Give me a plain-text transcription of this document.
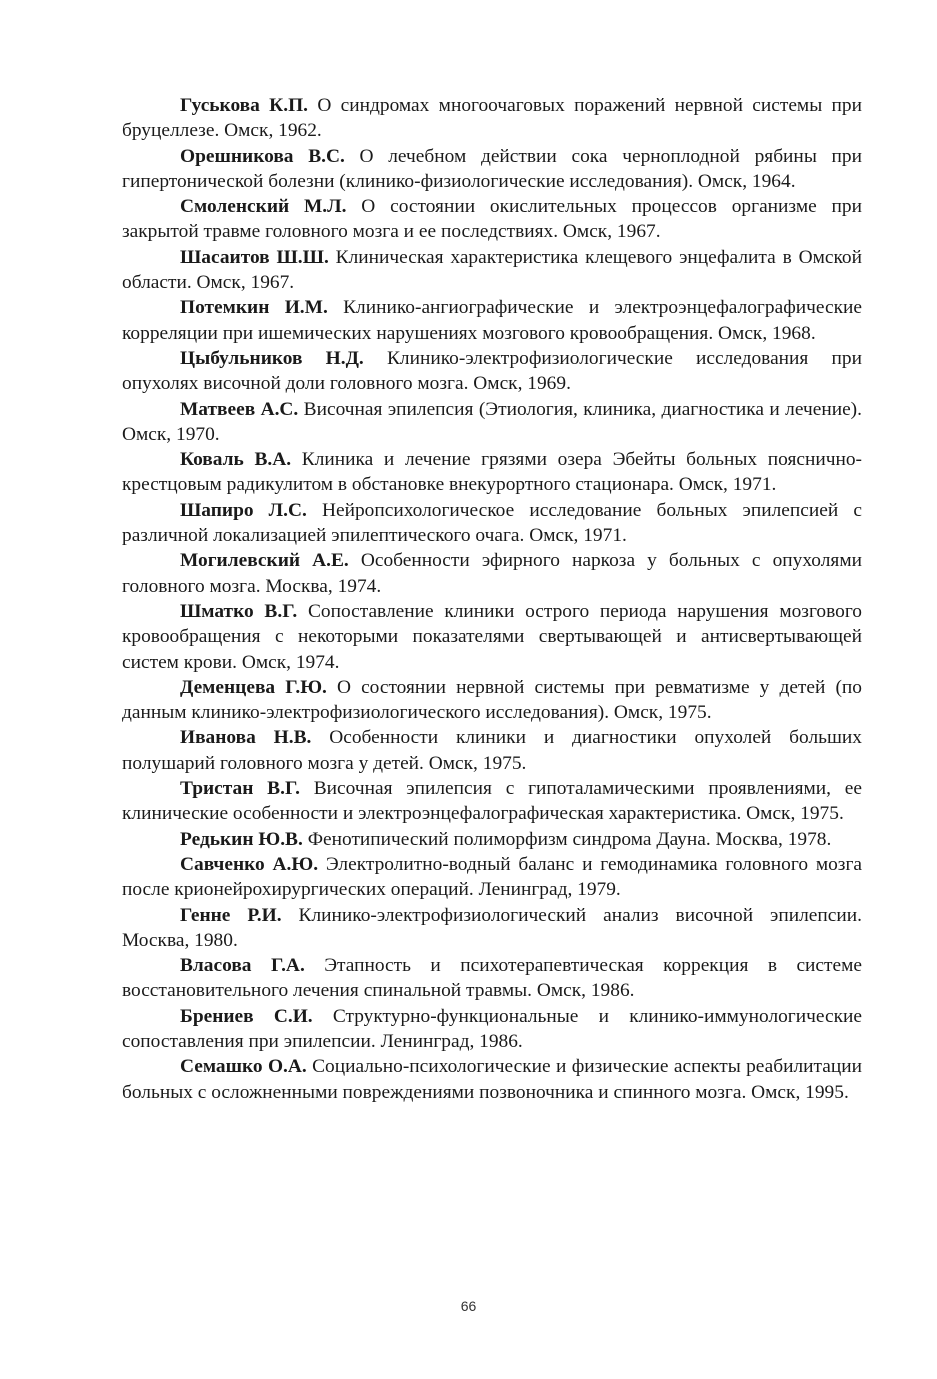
Гуськова К.П. О синдромах многоочаговых поражений нервной системы при бруцеллезе. Омск, 1962.

Орешникова В.С. О лечебном действии сока черноплодной рябины при гипертонической болезни (клинико-физиологические исследования). Омск, 1964.

Смоленский М.Л. О состоянии окислительных процессов организме при закрытой травме головного мозга и ее последствиях. Омск, 1967.

Шасаитов Ш.Ш. Клиническая характеристика клещевого энцефалита в Омской области. Омск, 1967.

Потемкин И.М. Клинико-ангиографические и электроэнцефалографические корреляции при ишемических нарушениях мозгового кровообращения. Омск, 1968.

Цыбульников Н.Д. Клинико-электрофизиологические исследования при опухолях височной доли головного мозга. Омск, 1969.

Матвеев А.С. Височная эпилепсия (Этиология, клиника, диагностика и лечение). Омск, 1970.

Коваль В.А. Клиника и лечение грязями озера Эбейты больных пояснично-крестцовым радикулитом в обстановке внекурортного стационара. Омск, 1971.

Шапиро Л.С. Нейропсихологическое исследование больных эпилепсией с различной локализацией эпилептического очага. Омск, 1971.

Могилевский А.Е. Особенности эфирного наркоза у больных с опухолями головного мозга. Москва, 1974.

Шматко В.Г. Сопоставление клиники острого периода нарушения мозгового кровообращения с некоторыми показателями свертывающей и антисвертывающей систем крови. Омск, 1974.

Деменцева Г.Ю. О состоянии нервной системы при ревматизме у детей (по данным клинико-электрофизиологического исследования). Омск, 1975.

Иванова Н.В. Особенности клиники и диагностики опухолей больших полушарий головного мозга у детей. Омск, 1975.

Тристан В.Г. Височная эпилепсия с гипоталамическими проявлениями, ее клинические особенности и электроэнцефалографическая характеристика. Омск, 1975.

Редькин Ю.В. Фенотипический полиморфизм синдрома Дауна. Москва, 1978.

Савченко А.Ю. Электролитно-водный баланс и гемодинамика головного мозга после крионейрохирургических операций. Ленинград, 1979.

Генне Р.И. Клинико-электрофизиологический анализ височной эпилепсии. Москва, 1980.

Власова Г.А. Этапность и психотерапевтическая коррекция в системе восстановительного лечения спинальной травмы. Омск, 1986.

Брениев С.И. Структурно-функциональные и клинико-иммунологические сопоставления при эпилепсии. Ленинград, 1986.

Семашко О.А. Социально-психологические и физические аспекты реабилитации больных с осложненными повреждениями позвоночника и спинного мозга. Омск, 1995.

66
